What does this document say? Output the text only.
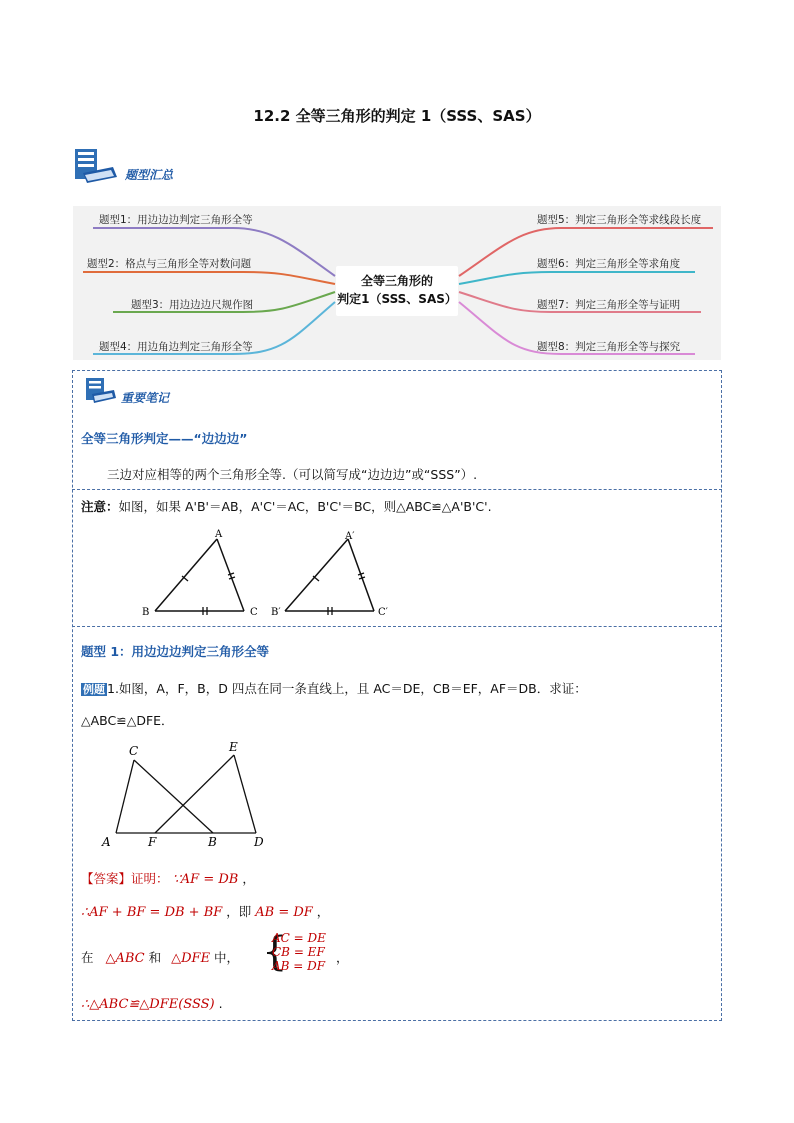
12.2 全等三角形的判定 1（SSS、SAS）
题型汇总
全等三角形的
判定1（SSS、SAS）
题型1：用边边边判定三角形全等
题型2：格点与三角形全等对数问题
题型3：用边边边尺规作图
题型4：用边角边判定三角形全等
题型5：判定三角形全等求线段长度
题型6：判定三角形全等求角度
题型7：判定三角形全等与证明
题型8：判定三角形全等与探究
重要笔记
全等三角形判定——“边边边”
三边对应相等的两个三角形全等.（可以简写成“边边边”或“SSS”）.
注意：如图，如果 A'B'＝AB，A'C'＝AC，B'C'＝BC，则△ABC≌△A'B'C'.
A
B	C
A′
B′	C′
题型 1：用边边边判定三角形全等
例题 1.如图，A，F，B，D 四点在同一条直线上，且 AC＝DE，CB＝EF，AF＝DB．求证：
△ABC≌△DFE．
C	E
A	F	B	D
【答案】证明： ∵AF = DB ，
∴AF + BF = DB + BF ，即 AB = DF ，
在 △ABC 和 △DFE 中， {
AC = DE
CB = EF
AB = DF
，
∴△ABC≌△DFE(SSS) .
